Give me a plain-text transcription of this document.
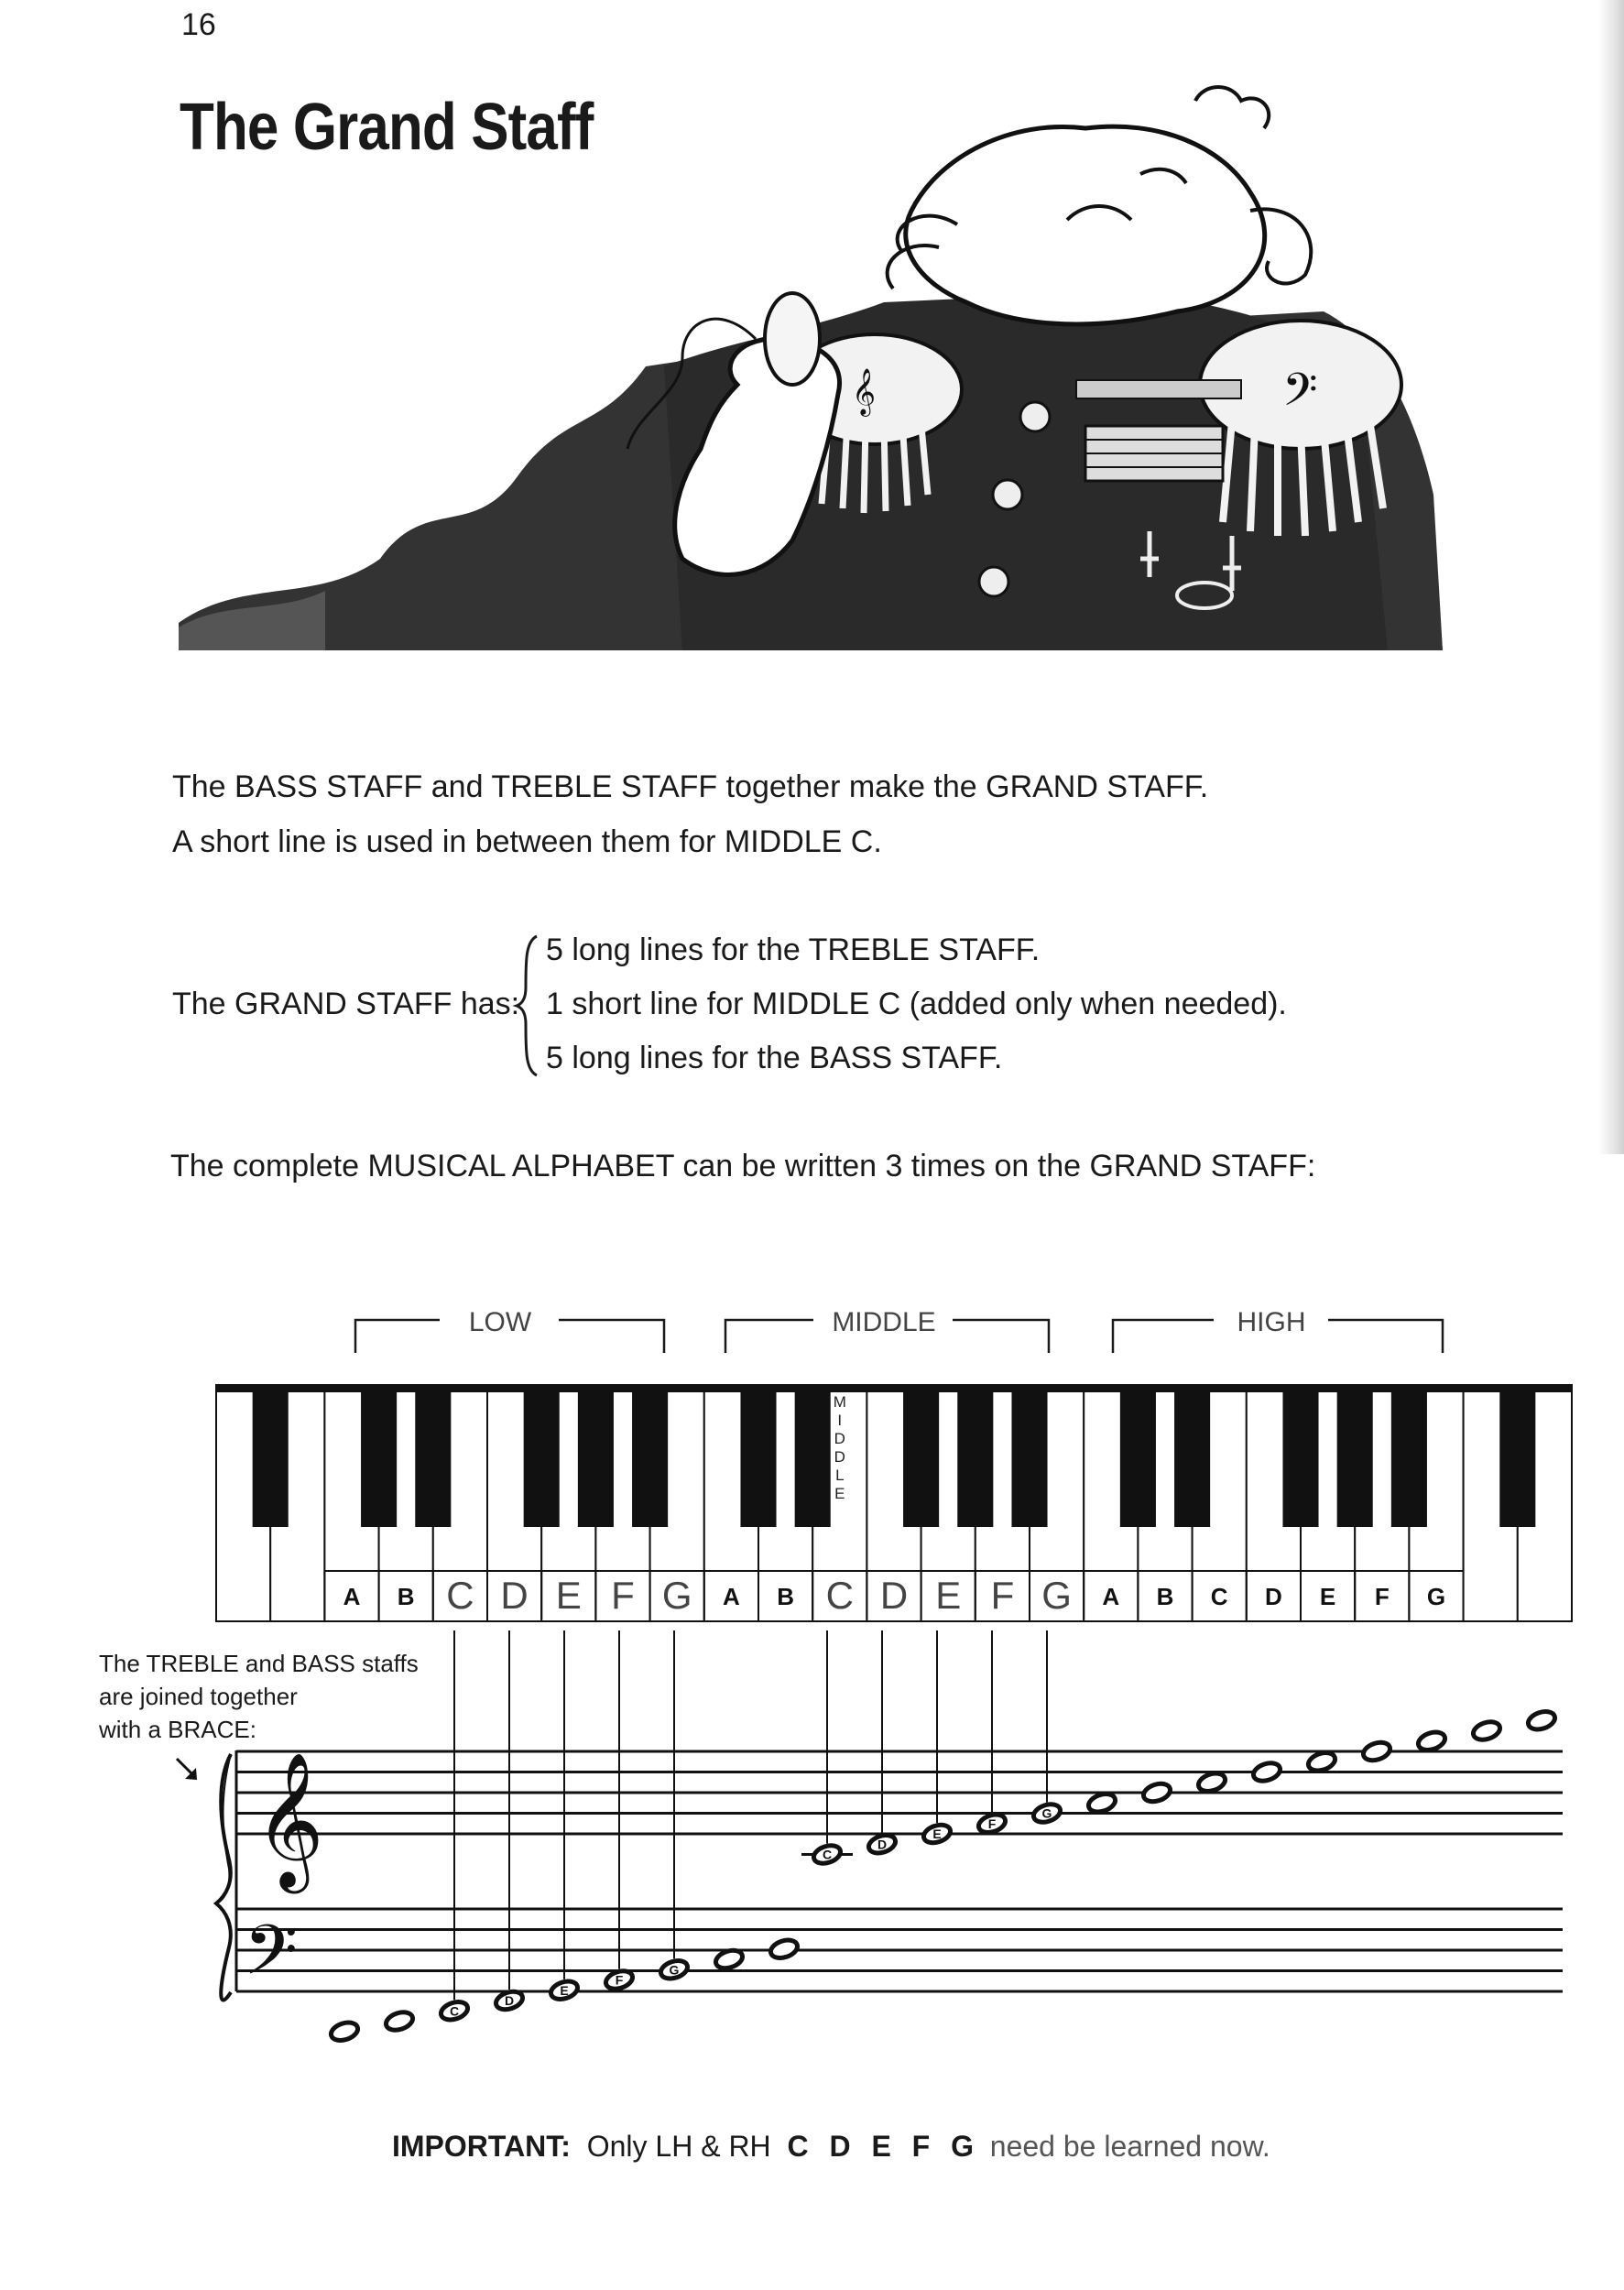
16
The Grand Staff
𝄞	𝄢
The BASS STAFF and TREBLE STAFF together make the GRAND STAFF.
A short line is used in between them for MIDDLE C.
The GRAND STAFF has:
5 long lines for the TREBLE STAFF.
1 short line for MIDDLE C (added only when needed).
5 long lines for the BASS STAFF.
The complete MUSICAL ALPHABET can be written 3 times on the GRAND STAFF:
LOW	MIDDLE	HIGH
A B C D E F G A B C D E F G A B C D E F G
M
I
D
D
L
E
The TREBLE and BASS staffs
are joined together
with a BRACE:
𝄞
𝄢
C
D
E
F
G
C
D
E
F
G
IMPORTANT: Only LH & RH C D E F G need be learned now.
